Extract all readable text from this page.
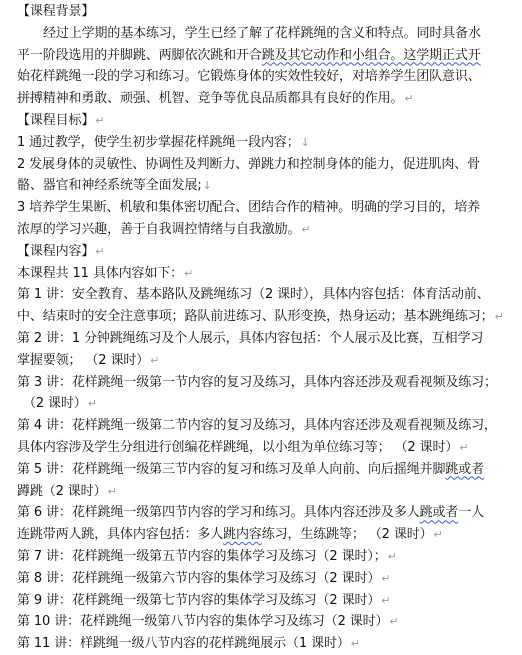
【课程背景】
经过上学期的基本练习，学生已经了解了花样跳绳的含义和特点。同时具备水
平一阶段选用的并脚跳、两脚依次跳和开合跳及其它动作和小组合。这学期正式开
始花样跳绳一段的学习和练习。它锻炼身体的实效性较好，对培养学生团队意识、
拼搏精神和勇敢、顽强、机智、竞争等优良品质都具有良好的作用。↵
【课程目标】↵
1 通过教学，使学生初步掌握花样跳绳一段内容；↓
2 发展身体的灵敏性、协调性及判断力、弹跳力和控制身体的能力，促进肌肉、骨
骼、器官和神经系统等全面发展;↓
3 培养学生果断、机敏和集体密切配合、团结合作的精神。明确的学习目的，培养
浓厚的学习兴趣，善于自我调控情绪与自我激励。↵
【课程内容】↵
本课程共 11 具体内容如下：↵
第 1 讲：安全教育、基本路队及跳绳练习（2 课时），具体内容包括：体育活动前、
中、结束时的安全注意事项；路队前进练习、队形变换，热身运动；基本跳绳练习；↵
第 2 讲：1 分钟跳绳练习及个人展示，具体内容包括：个人展示及比赛，互相学习
掌握要领； （2 课时）↵
第 3 讲：花样跳绳一级第一节内容的复习及练习，具体内容还涉及观看视频及练习；
（2 课时）↵
第 4 讲：花样跳绳一级第二节内容的复习及练习，具体内容还涉及观看视频及练习，
具体内容涉及学生分组进行创编花样跳绳，以小组为单位练习等； （2 课时）↵
第 5 讲：花样跳绳一级第三节内容的复习和练习及单人向前、向后摇绳并脚跳或者
蹲跳（2 课时）↵
第 6 讲：花样跳绳一级第四节内容的学习和练习。具体内容还涉及多人跳或者一人
连跳带两人跳，具体内容包括：多人跳内容练习，生练跳等； （2 课时）↵
第 7 讲：花样跳绳一级第五节内容的集体学习及练习（2 课时）；↵
第 8 讲：花样跳绳一级第六节内容的集体学习及练习（2 课时）↵
第 9 讲：花样跳绳一级第七节内容的集体学习及练习（2 课时）↵
第 10 讲：花样跳绳一级第八节内容的集体学习及练习（2 课时）↵
第 11 讲：样跳绳一级八节内容的花样跳绳展示（1 课时）↵
